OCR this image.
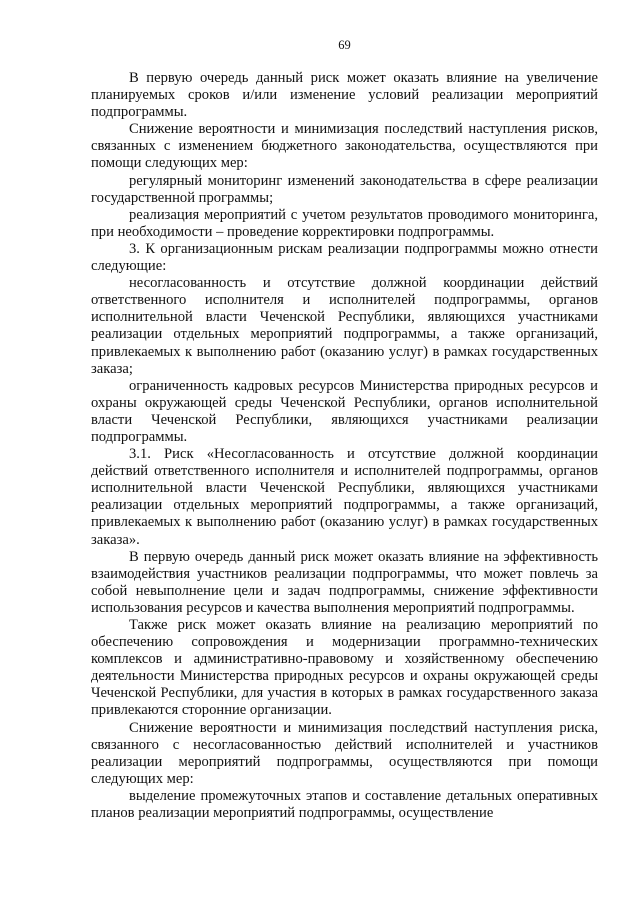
69

В первую очередь данный риск может оказать влияние на увеличение планируемых сроков и/или изменение условий реализации мероприятий подпрограммы.

Снижение вероятности и минимизация последствий наступления рисков, связанных с изменением бюджетного законодательства, осуществляются при помощи следующих мер:

регулярный мониторинг изменений законодательства в сфере реализации государственной программы;

реализация мероприятий с учетом результатов проводимого мониторинга, при необходимости – проведение корректировки подпрограммы.

3. К организационным рискам реализации подпрограммы можно отнести следующие:

несогласованность и отсутствие должной координации действий ответственного исполнителя и исполнителей подпрограммы, органов исполнительной власти Чеченской Республики, являющихся участниками реализации отдельных мероприятий подпрограммы, а также организаций, привлекаемых к выполнению работ (оказанию услуг) в рамках государственных заказа;

ограниченность кадровых ресурсов Министерства природных ресурсов и охраны окружающей среды Чеченской Республики, органов исполнительной власти Чеченской Республики, являющихся участниками реализации подпрограммы.

3.1. Риск «Несогласованность и отсутствие должной координации действий ответственного исполнителя и исполнителей подпрограммы, органов исполнительной власти Чеченской Республики, являющихся участниками реализации отдельных мероприятий подпрограммы, а также организаций, привлекаемых к выполнению работ (оказанию услуг) в рамках государственных заказа».

В первую очередь данный риск может оказать влияние на эффективность взаимодействия участников реализации подпрограммы, что может повлечь за собой невыполнение цели и задач подпрограммы, снижение эффективности использования ресурсов и качества выполнения мероприятий подпрограммы.

Также риск может оказать влияние на реализацию мероприятий по обеспечению сопровождения и модернизации программно-технических комплексов и административно-правовому и хозяйственному обеспечению деятельности Министерства природных ресурсов и охраны окружающей среды Чеченской Республики, для участия в которых в рамках государственного заказа привлекаются сторонние организации.

Снижение вероятности и минимизация последствий наступления риска, связанного с несогласованностью действий исполнителей и участников реализации мероприятий подпрограммы, осуществляются при помощи следующих мер:

выделение промежуточных этапов и составление детальных оперативных планов реализации мероприятий подпрограммы, осуществление
